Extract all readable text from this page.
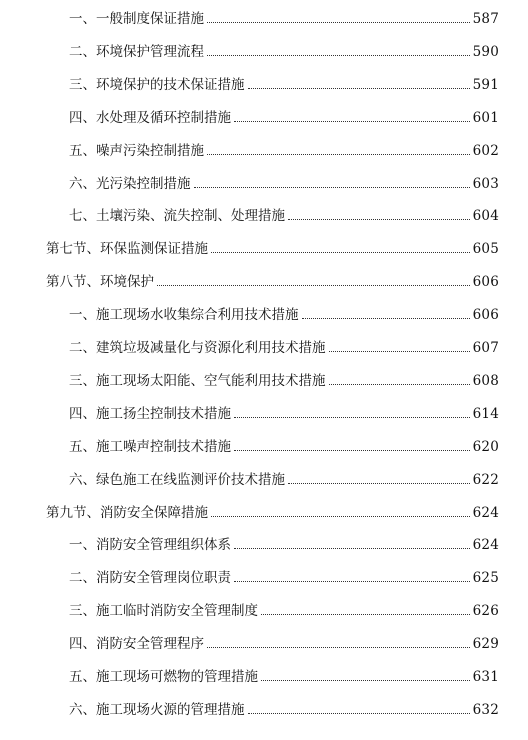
一、一般制度保证措施	587
二、环境保护管理流程	590
三、环境保护的技术保证措施	591
四、水处理及循环控制措施	601
五、噪声污染控制措施	602
六、光污染控制措施	603
七、土壤污染、流失控制、处理措施	604
第七节、环保监测保证措施	605
第八节、环境保护	606
一、施工现场水收集综合利用技术措施	606
二、建筑垃圾减量化与资源化利用技术措施	607
三、施工现场太阳能、空气能利用技术措施	608
四、施工扬尘控制技术措施	614
五、施工噪声控制技术措施	620
六、绿色施工在线监测评价技术措施	622
第九节、消防安全保障措施	624
一、消防安全管理组织体系	624
二、消防安全管理岗位职责	625
三、施工临时消防安全管理制度	626
四、消防安全管理程序	629
五、施工现场可燃物的管理措施	631
六、施工现场火源的管理措施	632
